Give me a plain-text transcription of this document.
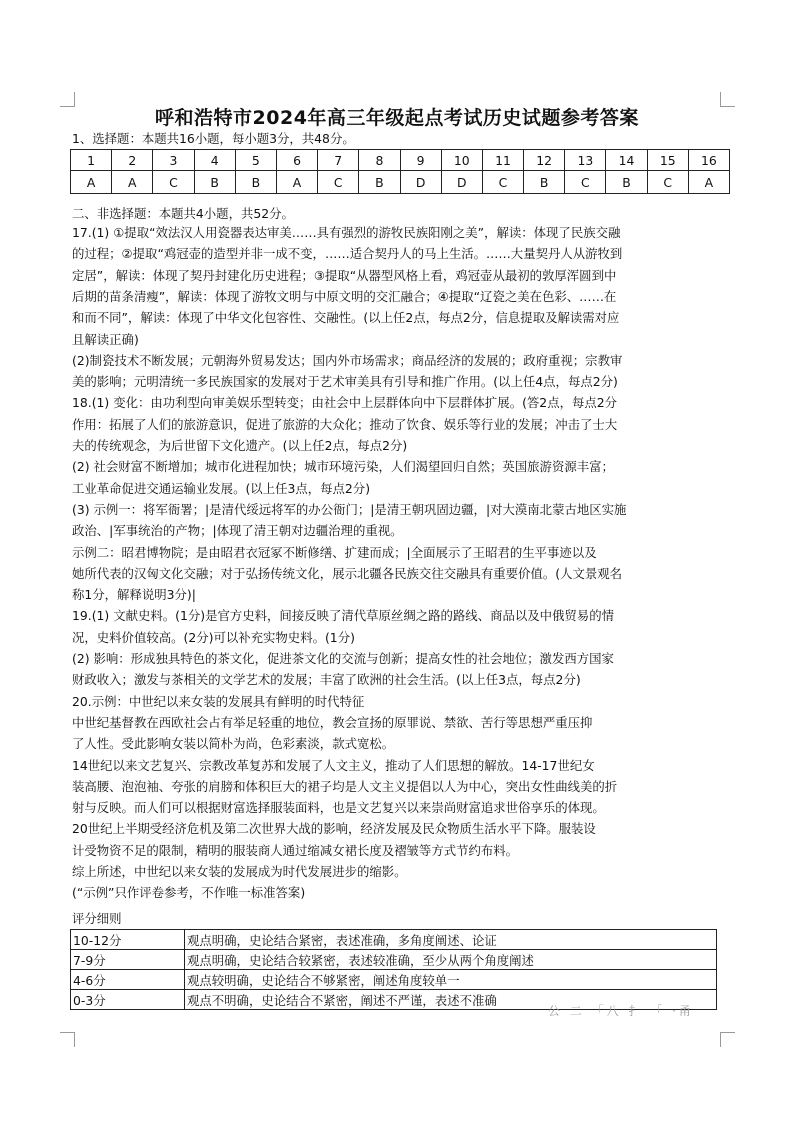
呼和浩特市2024年高三年级起点考试历史试题参考答案
1、选择题：本题共16小题，每小题3分，共48分。
1	2	3	4	5	6	7	8	9	10	11	12	13	14	15	16
A	A	C	B	B	A	C	B	D	D	C	B	C	B	C	A
二、非选择题：本题共4小题，共52分。
17.(1) ①提取“效法汉人用瓷器表达审美……具有强烈的游牧民族阳刚之美”，解读：体现了民族交融
的过程；②提取“鸡冠壶的造型并非一成不变，……适合契丹人的马上生活。……大量契丹人从游牧到
定居”，解读：体现了契丹封建化历史进程；③提取“从器型风格上看，鸡冠壶从最初的敦厚浑圆到中
后期的苗条清瘦”，解读：体现了游牧文明与中原文明的交汇融合；④提取“辽瓷之美在色彩、……在
和而不同”，解读：体现了中华文化包容性、交融性。(以上任2点，每点2分，信息提取及解读需对应
且解读正确)
(2)制瓷技术不断发展；元朝海外贸易发达；国内外市场需求；商品经济的发展的；政府重视；宗教审
美的影响；元明清统一多民族国家的发展对于艺术审美具有引导和推广作用。(以上任4点，每点2分)
18.(1) 变化：由功利型向审美娱乐型转变；由社会中上层群体向中下层群体扩展。(答2点，每点2分
作用：拓展了人们的旅游意识，促进了旅游的大众化；推动了饮食、娱乐等行业的发展；冲击了士大
夫的传统观念，为后世留下文化遗产。(以上任2点，每点2分)
(2) 社会财富不断增加；城市化进程加快；城市环境污染，人们渴望回归自然；英国旅游资源丰富；
工业革命促进交通运输业发展。(以上任3点，每点2分)
(3) 示例一：将军衙署；|是清代绥远将军的办公衙门；|是清王朝巩固边疆，|对大漠南北蒙古地区实施
政治、|军事统治的产物；|体现了清王朝对边疆治理的重视。
示例二：昭君博物院；是由昭君衣冠冢不断修缮、扩建而成；|全面展示了王昭君的生平事迹以及
她所代表的汉匈文化交融；对于弘扬传统文化，展示北疆各民族交往交融具有重要价值。(人文景观名
称1分，解释说明3分)|
19.(1) 文献史料。(1分)是官方史料，间接反映了清代草原丝绸之路的路线、商品以及中俄贸易的情
况，史料价值较高。(2分)可以补充实物史料。(1分)
(2) 影响：形成独具特色的茶文化，促进茶文化的交流与创新；提高女性的社会地位；激发西方国家
财政收入；激发与茶相关的文学艺术的发展；丰富了欧洲的社会生活。(以上任3点，每点2分)
20.示例：中世纪以来女装的发展具有鲜明的时代特征
中世纪基督教在西欧社会占有举足轻重的地位，教会宣扬的原罪说、禁欲、苦行等思想严重压抑
了人性。受此影响女装以简朴为尚，色彩素淡，款式宽松。
14世纪以来文艺复兴、宗教改革复苏和发展了人文主义，推动了人们思想的解放。14-17世纪女
装高腰、泡泡袖、夸张的肩膀和体积巨大的裙子均是人文主义提倡以人为中心，突出女性曲线美的折
射与反映。而人们可以根据财富选择服装面料，也是文艺复兴以来崇尚财富追求世俗享乐的体现。
20世纪上半期受经济危机及第二次世界大战的影响，经济发展及民众物质生活水平下降。服装设
计受物资不足的限制，精明的服装商人通过缩减女裙长度及褶皱等方式节约布料。
综上所述，中世纪以来女装的发展成为时代发展进步的缩影。
(“示例”只作评卷参考，不作唯一标准答案)
评分细则
10-12分	观点明确，史论结合紧密，表述准确，多角度阐述、论证
7-9分	观点明确，史论结合较紧密，表述较准确，至少从两个角度阐述
4-6分	观点较明确，史论结合不够紧密，阐述角度较单一
0-3分	观点不明确，史论结合不紧密，阐述不严谨，表述不准确
公 二 「八 扌 「 ·甬
